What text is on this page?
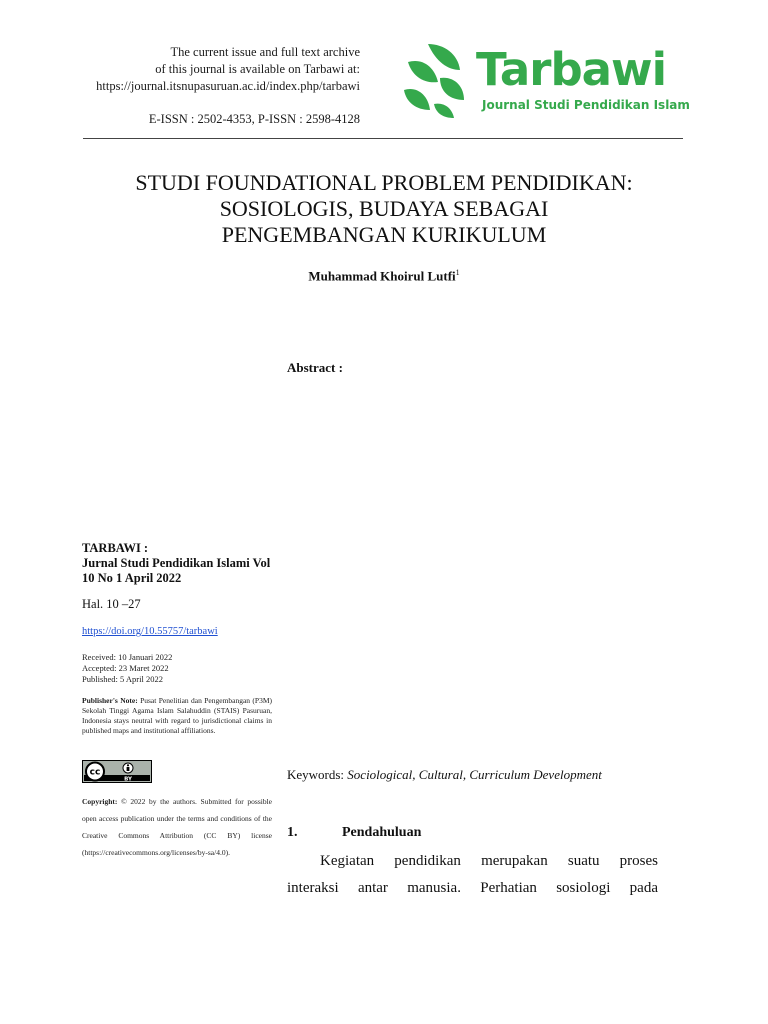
The current issue and full text archive
of this journal is available on Tarbawi at:
https://journal.itsnupasuruan.ac.id/index.php/tarbawi
E-ISSN : 2502-4353, P-ISSN : 2598-4128
Tarbawi
Journal Studi Pendidikan Islam
STUDI FOUNDATIONAL PROBLEM PENDIDIKAN:
SOSIOLOGIS, BUDAYA SEBAGAI
PENGEMBANGAN KURIKULUM
Muhammad Khoirul Lutfi$^1$
Abstract :
TARBAWI :
Jurnal Studi Pendidikan Islami Vol
10 No 1 April 2022
Hal. 10 –27
https://doi.org/10.55757/tarbawi
Received: 10 Januari 2022
Accepted: 23 Maret 2022
Published: 5 April 2022
Publisher's Note: Pusat Penelitian dan Pengembangan (P3M) Sekolah Tinggi Agama Islam Salahuddin (STAIS) Pasuruan, Indonesia stays neutral with regard to jurisdictional claims in published maps and institutional affiliations.
cc
BY
Copyright: © 2022 by the authors. Submitted for possible open access publication under the terms and conditions of the Creative Commons Attribution (CC BY) license (https://creativecommons.org/licenses/by-sa/4.0).
Keywords: Sociological, Cultural, Curriculum Development
1.	Pendahuluan
Kegiatan pendidikan merupakan suatu proses
interaksi antar manusia. Perhatian sosiologi pada
